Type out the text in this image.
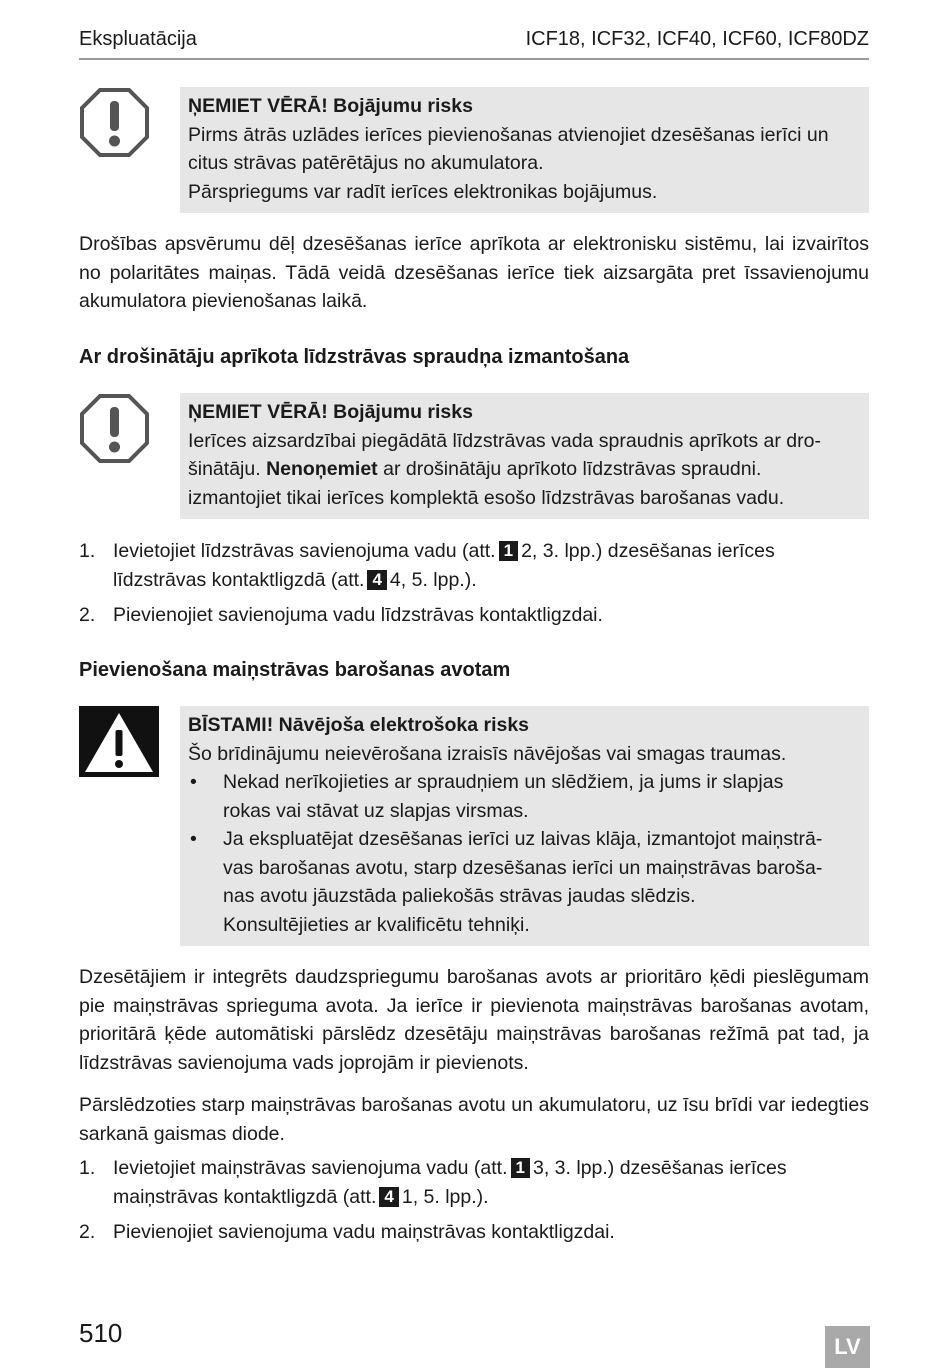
Ekspluatācija	ICF18, ICF32, ICF40, ICF60, ICF80DZ
ŅEMIET VĒRĀ! Bojājumu risks
Pirms ātrās uzlādes ierīces pievienošanas atvienojiet dzesēšanas ierīci un
citus strāvas patērētājus no akumulatora.
Pārspriegums var radīt ierīces elektronikas bojājumus.

Drošības apsvērumu dēļ dzesēšanas ierīce aprīkota ar elektronisku sistēmu, lai izvairītos no polaritātes maiņas. Tādā veidā dzesēšanas ierīce tiek aizsargāta pret īssavienojumu akumulatora pievienošanas laikā.

Ar drošinātāju aprīkota līdzstrāvas spraudņa izmantošana
ŅEMIET VĒRĀ! Bojājumu risks
Ierīces aizsardzībai piegādātā līdzstrāvas vada spraudnis aprīkots ar dro-
šinātāju. Nenoņemiet ar drošinātāju aprīkoto līdzstrāvas spraudni.
izmantojiet tikai ierīces komplektā esošo līdzstrāvas barošanas vadu.
1. Ievietojiet līdzstrāvas savienojuma vadu (att. 1 2, 3. lpp.) dzesēšanas ierīces
līdzstrāvas kontaktligzdā (att. 4 4, 5. lpp.).
2. Pievienojiet savienojuma vadu līdzstrāvas kontaktligzdai.
Pievienošana maiņstrāvas barošanas avotam
BĪSTAMI! Nāvējoša elektrošoka risks
Šo brīdinājumu neievērošana izraisīs nāvējošas vai smagas traumas.
•	Nekad nerīkojieties ar spraudņiem un slēdžiem, ja jums ir slapjas
rokas vai stāvat uz slapjas virsmas.
•	Ja ekspluatējat dzesēšanas ierīci uz laivas klāja, izmantojot maiņstrā-
vas barošanas avotu, starp dzesēšanas ierīci un maiņstrāvas baroša-
nas avotu jāuzstāda paliekošās strāvas jaudas slēdzis.
Konsultējieties ar kvalificētu tehniķi.

Dzesētājiem ir integrēts daudzspriegumu barošanas avots ar prioritāro ķēdi pieslēgumam pie maiņstrāvas sprieguma avota. Ja ierīce ir pievienota maiņstrāvas barošanas avotam, prioritārā ķēde automātiski pārslēdz dzesētāju maiņstrāvas barošanas režīmā pat tad, ja līdzstrāvas savienojuma vads joprojām ir pievienots.

Pārslēdzoties starp maiņstrāvas barošanas avotu un akumulatoru, uz īsu brīdi var iedegties sarkanā gaismas diode.

1. Ievietojiet maiņstrāvas savienojuma vadu (att. 1 3, 3. lpp.) dzesēšanas ierīces
maiņstrāvas kontaktligzdā (att. 4 1, 5. lpp.).
2. Pievienojiet savienojuma vadu maiņstrāvas kontaktligzdai.
510	LV
